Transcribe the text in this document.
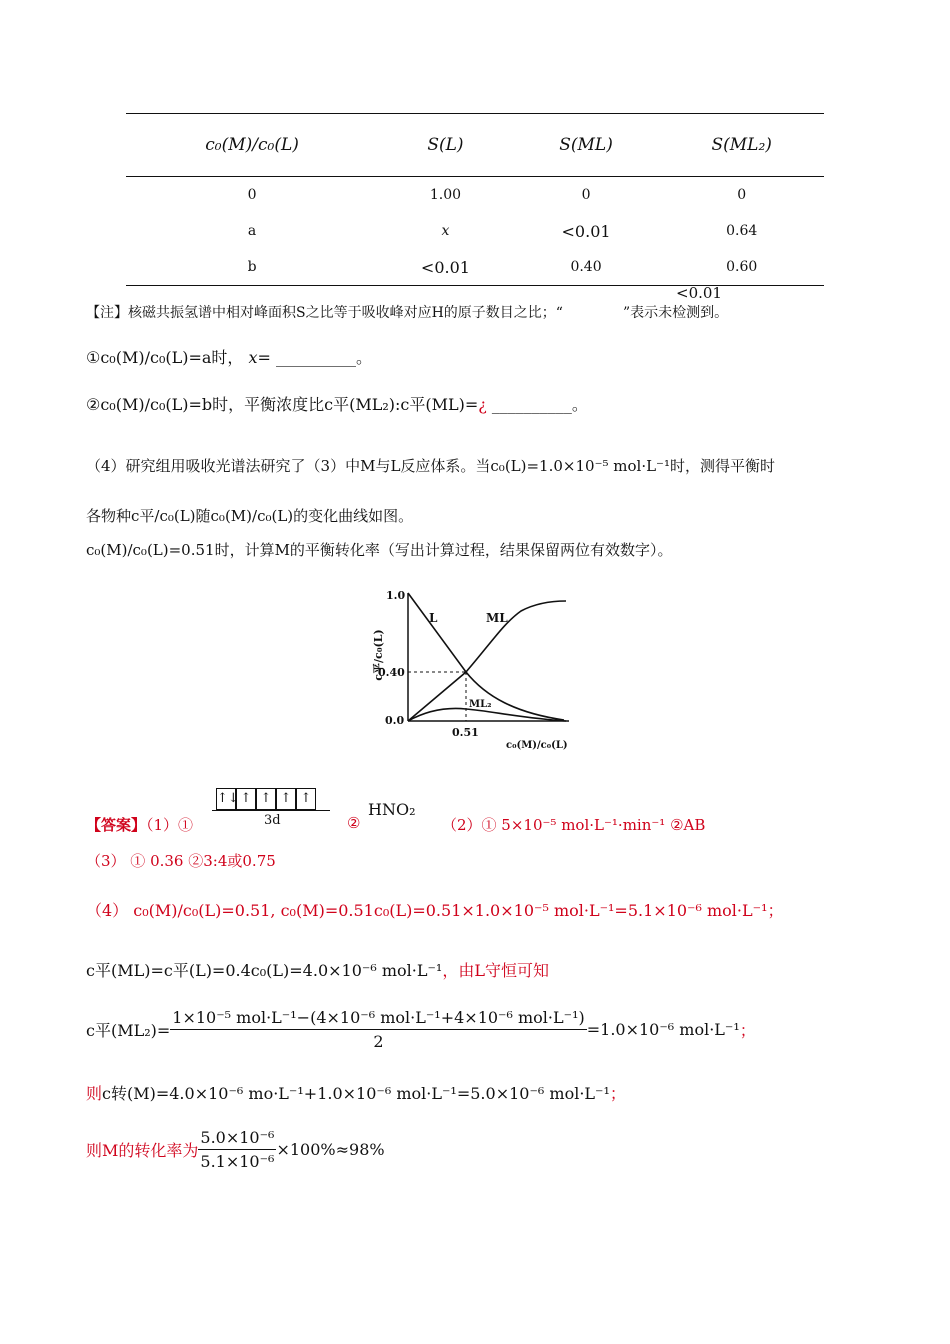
c₀(M)/c₀(L)	S(L)	S(ML)	S(ML₂)
0	1.00	0	0
a	x	<0.01	0.64
b	<0.01	0.40	0.60
<0.01
【注】核磁共振氢谱中相对峰面积S之比等于吸收峰对应H的原子数目之比；“	”表示未检测到。
①c₀(M)/c₀(L)=a时， x= __________。
②c₀(M)/c₀(L)=b时，平衡浓度比c平(ML₂):c平(ML)=¿ __________。
（4）研究组用吸收光谱法研究了（3）中M与L反应体系。当c₀(L)=1.0×10⁻⁵ mol·L⁻¹时，测得平衡时
各物种c平/c₀(L)随c₀(M)/c₀(L)的变化曲线如图。
c₀(M)/c₀(L)=0.51时，计算M的平衡转化率（写出计算过程，结果保留两位有效数字）。
c平/c₀(L)
1.0
0.40
0.0
0.51
c₀(M)/c₀(L)
L	ML
ML₂
↑↓ ↑ ↑ ↑ ↑
3d
HNO₂
【答案】（1）①	②	（2）① 5×10⁻⁵ mol·L⁻¹·min⁻¹ ②AB
（3） ① 0.36 ②3:4或0.75
（4） c₀(M)/c₀(L)=0.51, c₀(M)=0.51c₀(L)=0.51×1.0×10⁻⁵ mol·L⁻¹=5.1×10⁻⁶ mol·L⁻¹；
c平(ML)=c平(L)=0.4c₀(L)=4.0×10⁻⁶ mol·L⁻¹，由L守恒可知
c平$(ML_2)= \frac{\text{1×10⁻⁵ mol·L⁻¹−(4×10⁻⁶ mol·L⁻¹+4×10⁻⁶ mol·L⁻¹)}}{2} =1.0\times 10^{-6}$ mol·L⁻¹ ；
则c转(M)=4.0×10⁻⁶ mo·L⁻¹+1.0×10⁻⁶ mol·L⁻¹=5.0×10⁻⁶ mol·L⁻¹；
则M的转化率为 $\frac{\text{5.0×10⁻⁶}}{\text{5.1×10⁻⁶}} \times 100\%\approx 98\%$
